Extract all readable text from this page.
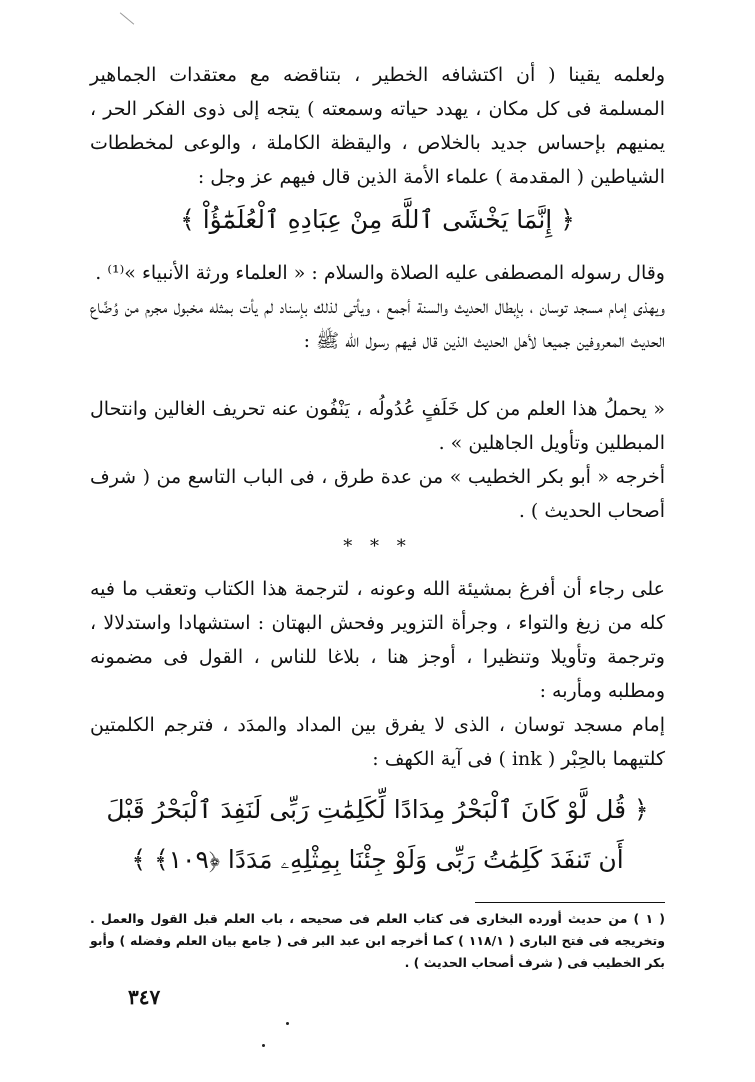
ولعلمه يقينا ( أن اكتشافه الخطير ، بتناقضه مع معتقدات الجماهير المسلمة فى كل مكان ، يهدد حياته وسمعته ) يتجه إلى ذوى الفكر الحر ، يمنيهم بإحساس جديد بالخلاص ، واليقظة الكاملة ، والوعى لمخططات الشياطين ( المقدمة ) علماء الأمة الذين قال فيهم عز وجل :

﴿ إِنَّمَا يَخْشَى ٱللَّهَ مِنْ عِبَادِهِ ٱلْعُلَمَٰٓؤُاْ ﴾

وقال رسوله المصطفى عليه الصلاة والسلام : « العلماء ورثة الأنبياء »⁽¹⁾ .

ويهذى إمام مسجد توسان ، بإبطال الحديث والسنة أجمع ، ويأتى لذلك بإسناد لم يأت بمثله مخبول مجرم من وُضَّاع الحديث المعروفين جميعا لأهل الحديث الذين قال فيهم رسول الله ﷺ :

« يحملُ هذا العلم من كل خَلَفٍ عُدُولُه ، يَنْفُون عنه تحريف الغالين وانتحال المبطلين وتأويل الجاهلين » .

أخرجه « أبو بكر الخطيب » من عدة طرق ، فى الباب التاسع من ( شرف أصحاب الحديث ) .

* * *

على رجاء أن أفرغ بمشيئة الله وعونه ، لترجمة هذا الكتاب وتعقب ما فيه كله من زيغ والتواء ، وجرأة التزوير وفحش البهتان : استشهادا واستدلالا ، وترجمة وتأويلا وتنظيرا ، أوجز هنا ، بلاغا للناس ، القول فى مضمونه ومطلبه ومأربه :

إمام مسجد توسان ، الذى لا يفرق بين المداد والمدَد ، فترجم الكلمتين كلتيهما بالحِبْر ( ink ) فى آية الكهف :

﴿ قُل لَّوْ كَانَ ٱلْبَحْرُ مِدَادًا لِّكَلِمَٰتِ رَبِّى لَنَفِدَ ٱلْبَحْرُ قَبْلَ
أَن تَنفَدَ كَلِمَٰتُ رَبِّى وَلَوْ جِئْنَا بِمِثْلِهِۦ مَدَدًا ﴿١٠٩﴾ ﴾

( ١ ) من حديث أورده البخارى فى كتاب العلم فى صحيحه ، باب العلم قبل القول والعمل . وتخريجه فى فتح البارى ( ١١٨/١ ) كما أخرجه ابن عبد البر فى ( جامع بيان العلم وفضله ) وأبو بكر الخطيب فى ( شرف أصحاب الحديث ) .

٣٤٧
